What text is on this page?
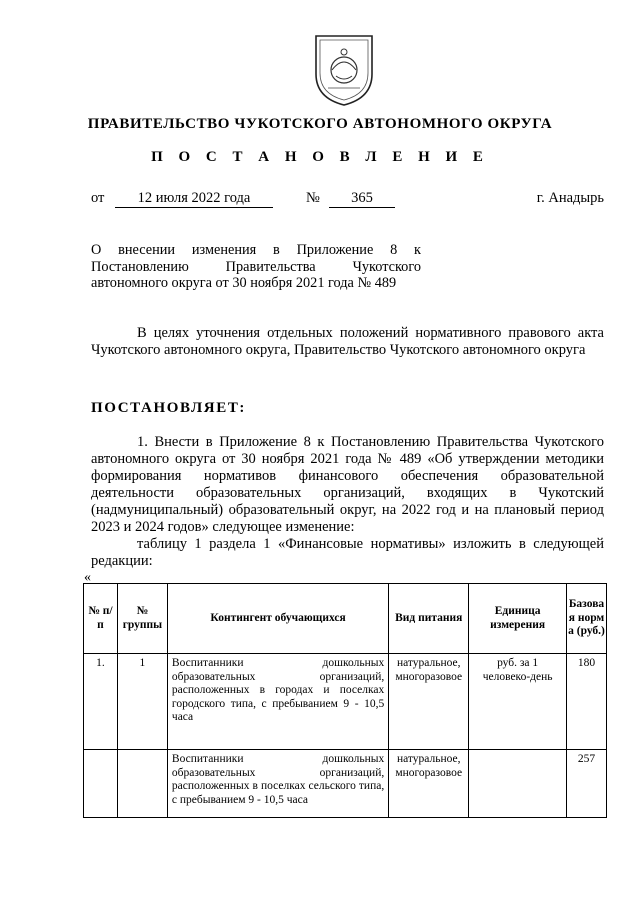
ПРАВИТЕЛЬСТВО ЧУКОТСКОГО АВТОНОМНОГО ОКРУГА
П О С Т А Н О В Л Е Н И Е
от	12 июля 2022 года	№	365	г. Анадырь
О внесении изменения в Приложение 8 к Постановлению Правительства Чукотского автономного округа от 30 ноября 2021 года № 489
В целях уточнения отдельных положений нормативного правового акта Чукотского автономного округа, Правительство Чукотского автономного округа
ПОСТАНОВЛЯЕТ:
1. Внести в Приложение 8 к Постановлению Правительства Чукотского автономного округа от 30 ноября 2021 года № 489 «Об утверждении методики формирования нормативов финансового обеспечения образовательной деятельности образовательных организаций, входящих в Чукотский (надмуниципальный) образовательный округ, на 2022 год и на плановый период 2023 и 2024 годов» следующее изменение:
таблицу 1 раздела 1 «Финансовые нормативы» изложить в следующей редакции:
«
№ п/п	№ группы	Контингент обучающихся	Вид питания	Единица измерения	Базовая норма (руб.)
1.	1	Воспитанники дошкольных образовательных организаций, расположенных в городах и поселках городского типа, с пребыванием 9 - 10,5 часа	натуральное, многоразовое	руб. за 1 человеко-день	180
		Воспитанники дошкольных образовательных организаций, расположенных в поселках сельского типа, с пребыванием 9 - 10,5 часа	натуральное, многоразовое		257
